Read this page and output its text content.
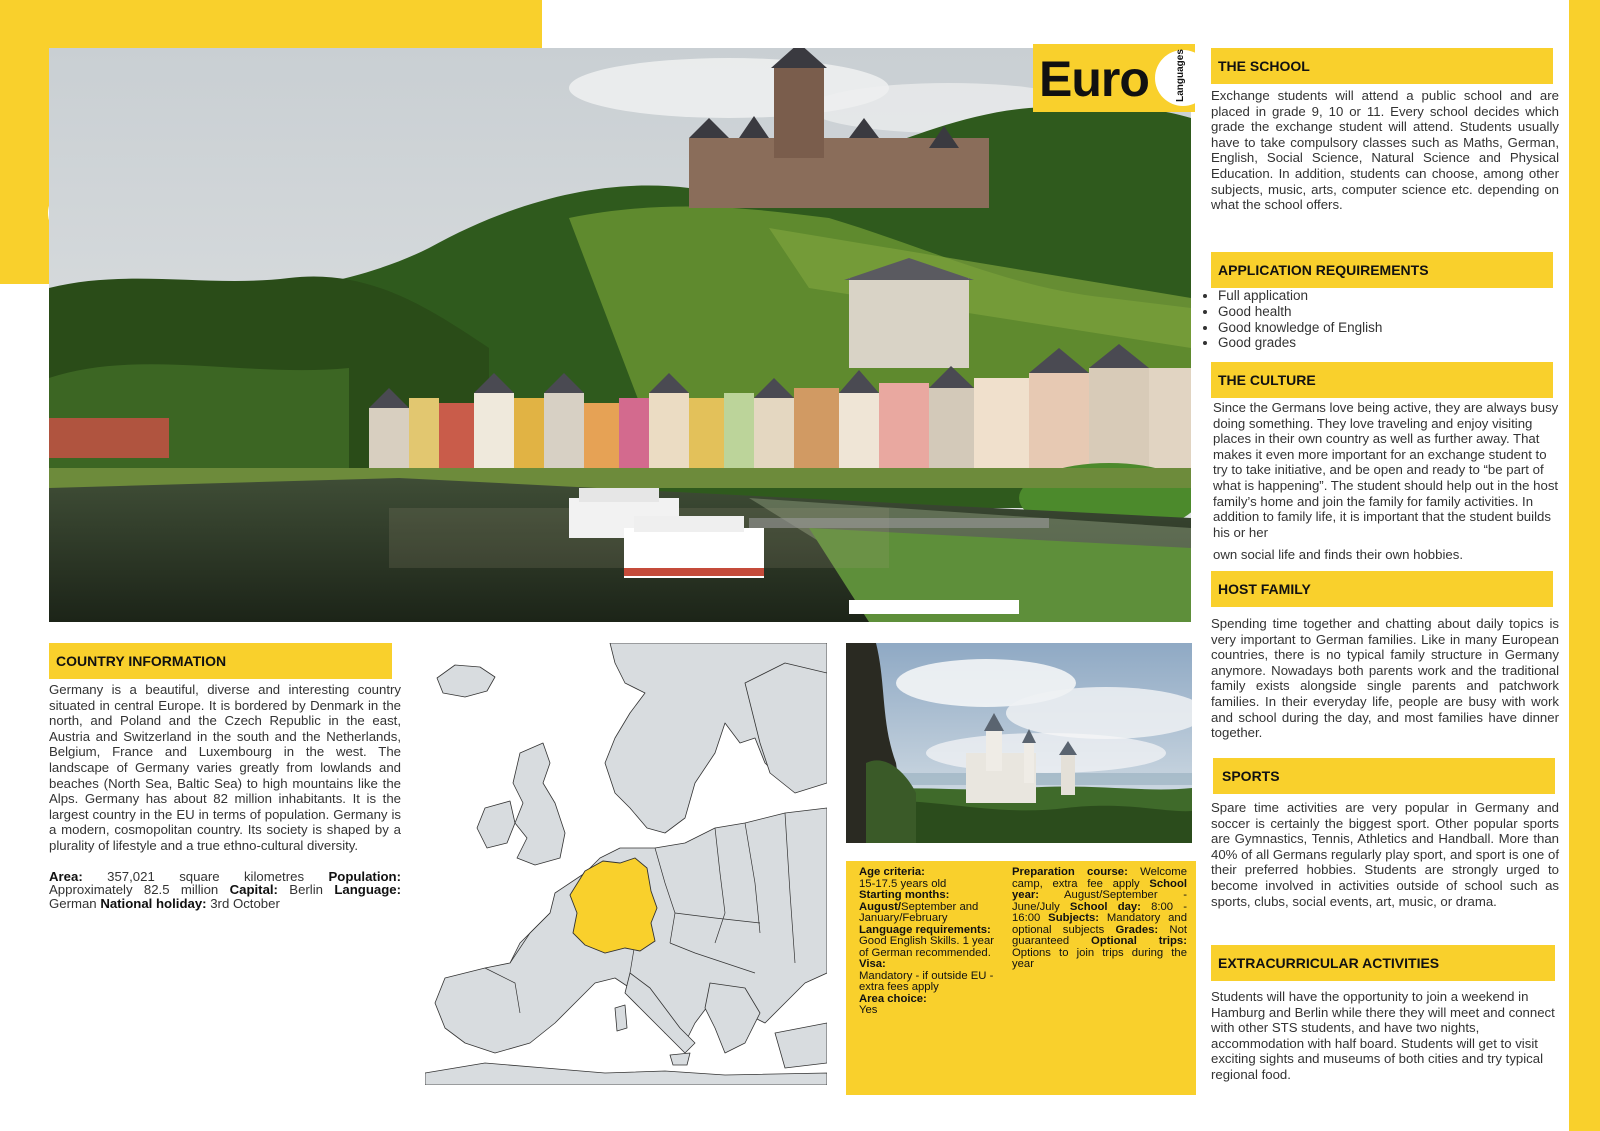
Euro	Languages	THE SCHOOL
Exchange students will attend a public school and are placed in grade 9, 10 or 11. Every school decides which grade the exchange student will attend. Students usually have to take compulsory classes such as Maths, German, English, Social Science, Natural Science and Physical Education. In addition, students can choose, among other subjects, music, arts, computer science etc. depending on what the school offers.
APPLICATION REQUIREMENTS
• Full application
• Good health
• Good knowledge of English
• Good grades
THE CULTURE
Since the Germans love being active, they are always busy doing something. They love traveling and enjoy visiting places in their own country as well as further away. That makes it even more important for an exchange student to try to take initiative, and be open and ready to “be part of what is happening”. The student should help out in the host family’s home and join the family for family activities. In addition to family life, it is important that the student builds his or her
own social life and finds their own hobbies.
HOST FAMILY
Spending time together and chatting about daily topics is very important to German families. Like in many European countries, there is no typical family structure in Germany anymore. Nowadays both parents work and the traditional family exists alongside single parents and patchwork families. In their everyday life, people are busy with work and school during the day, and most families have dinner together.
SPORTS
Spare time activities are very popular in Germany and soccer is certainly the biggest sport. Other popular sports are Gymnastics, Tennis, Athletics and Handball. More than 40% of all Germans regularly play sport, and sport is one of their preferred hobbies. Students are strongly urged to become involved in activities outside of school such as sports, clubs, social events, art, music, or drama.
EXTRACURRICULAR ACTIVITIES
Students will have the opportunity to join a weekend in Hamburg and Berlin while there they will meet and connect with other STS students, and have two nights, accommodation with half board. Students will get to visit exciting sights and museums of both cities and try typical regional food.
COUNTRY INFORMATION
Germany is a beautiful, diverse and interesting country situated in central Europe. It is bordered by Denmark in the north, and Poland and the Czech Republic in the east, Austria and Switzerland in the south and the Netherlands, Belgium, France and Luxembourg in the west. The landscape of Germany varies greatly from lowlands and beaches (North Sea, Baltic Sea) to high mountains like the Alps. Germany has about 82 million inhabitants. It is the largest country in the EU in terms of population. Germany is a modern, cosmopolitan country. Its society is shaped by a plurality of lifestyle and a true ethno-cultural diversity.
Area: 357,021 square kilometres Population: Approximately 82.5 million Capital: Berlin Language: German National holiday: 3rd October
Age criteria:
15-17.5 years old
Starting months:
August/September and January/February
Language requirements:
Good English Skills. 1 year of German recommended.
Visa:
Mandatory - if outside EU - extra fees apply
Area choice:
Yes
Preparation course: Welcome camp, extra fee apply School year: August/September - June/July School day: 8:00 - 16:00 Subjects: Mandatory and optional subjects Grades: Not guaranteed Optional trips: Options to join trips during the year
